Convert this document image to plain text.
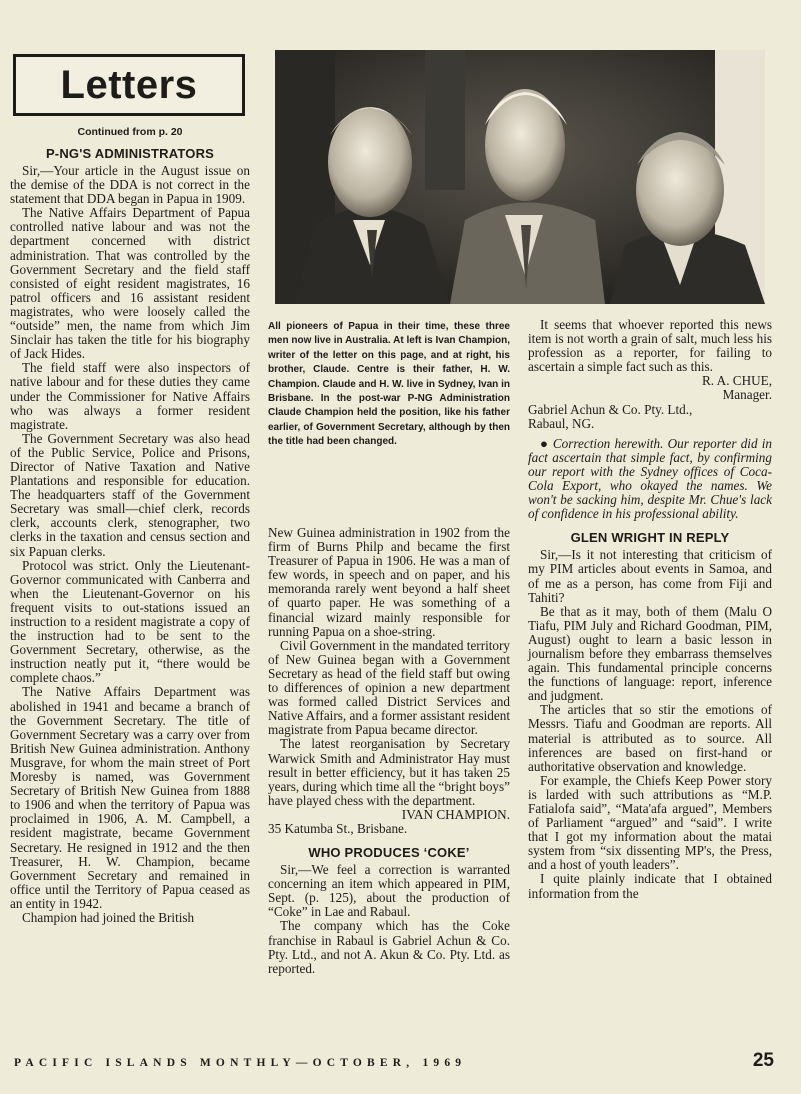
Letters
All pioneers of Papua in their time, these three men now live in Australia. At left is Ivan Champion, writer of the letter on this page, and at right, his brother, Claude. Centre is their father, H. W. Champion. Claude and H. W. live in Sydney, Ivan in Brisbane. In the post-war P-NG Administration Claude Champion held the position, like his father earlier, of Government Secretary, although by then the title had been changed.
Continued from p. 20
P-NG'S ADMINISTRATORS

Sir,—Your article in the August issue on the demise of the DDA is not correct in the statement that DDA began in Papua in 1909.

The Native Affairs Department of Papua controlled native labour and was not the department concerned with district administration. That was controlled by the Government Secretary and the field staff consisted of eight resident magistrates, 16 patrol officers and 16 assistant resident magistrates, who were loosely called the “outside” men, the name from which Jim Sinclair has taken the title for his biography of Jack Hides.

The field staff were also inspectors of native labour and for these duties they came under the Commissioner for Native Affairs who was always a former resident magistrate.

The Government Secretary was also head of the Public Service, Police and Prisons, Director of Native Taxation and Native Plantations and responsible for education. The headquarters staff of the Government Secretary was small—chief clerk, records clerk, accounts clerk, stenographer, two clerks in the taxation and census section and six Papuan clerks.

Protocol was strict. Only the Lieutenant-Governor communicated with Canberra and when the Lieutenant-Governor on his frequent visits to out-stations issued an instruction to a resident magistrate a copy of the instruction had to be sent to the Government Secretary, otherwise, as the instruction neatly put it, “there would be complete chaos.”

The Native Affairs Department was abolished in 1941 and became a branch of the Government Secretary. The title of Government Secretary was a carry over from British New Guinea administration. Anthony Musgrave, for whom the main street of Port Moresby is named, was Government Secretary of British New Guinea from 1888 to 1906 and when the territory of Papua was proclaimed in 1906, A. M. Campbell, a resident magistrate, became Government Secretary. He resigned in 1912 and the then Treasurer, H. W. Champion, became Government Secretary and remained in office until the Territory of Papua ceased as an entity in 1942.

Champion had joined the British

New Guinea administration in 1902 from the firm of Burns Philp and became the first Treasurer of Papua in 1906. He was a man of few words, in speech and on paper, and his memoranda rarely went beyond a half sheet of quarto paper. He was something of a financial wizard mainly responsible for running Papua on a shoe-string.

Civil Government in the mandated territory of New Guinea began with a Government Secretary as head of the field staff but owing to differences of opinion a new department was formed called District Services and Native Affairs, and a former assistant resident magistrate from Papua became director.

The latest reorganisation by Secretary Warwick Smith and Administrator Hay must result in better efficiency, but it has taken 25 years, during which time all the “bright boys” have played chess with the department.

IVAN CHAMPION.
35 Katumba St., Brisbane.
WHO PRODUCES ‘COKE’

Sir,—We feel a correction is warranted concerning an item which appeared in PIM, Sept. (p. 125), about the production of “Coke” in Lae and Rabaul.

The company which has the Coke franchise in Rabaul is Gabriel Achun & Co. Pty. Ltd., and not A. Akun & Co. Pty. Ltd. as reported.

It seems that whoever reported this news item is not worth a grain of salt, much less his profession as a reporter, for failing to ascertain a simple fact such as this.

R. A. CHUE,
Manager.
Gabriel Achun & Co. Pty. Ltd.,
Rabaul, NG.

● Correction herewith. Our reporter did in fact ascertain that simple fact, by confirming our report with the Sydney offices of Coca-Cola Export, who okayed the names. We won't be sacking him, despite Mr. Chue's lack of confidence in his professional ability.

GLEN WRIGHT IN REPLY

Sir,—Is it not interesting that criticism of my PIM articles about events in Samoa, and of me as a person, has come from Fiji and Tahiti?

Be that as it may, both of them (Malu O Tiafu, PIM July and Richard Goodman, PIM, August) ought to learn a basic lesson in journalism before they embarrass themselves again. This fundamental principle concerns the functions of language: report, inference and judgment.

The articles that so stir the emotions of Messrs. Tiafu and Goodman are reports. All material is attributed as to source. All inferences are based on first-hand or authoritative observation and knowledge.

For example, the Chiefs Keep Power story is larded with such attributions as “M.P. Fatialofa said”, “Mata'afa argued”, Members of Parliament “argued” and “said”. I write that I got my information about the matai system from “six dissenting MP's, the Press, and a host of youth leaders”.

I quite plainly indicate that I obtained information from the

PACIFIC ISLANDS MONTHLY—OCTOBER, 1969	25
